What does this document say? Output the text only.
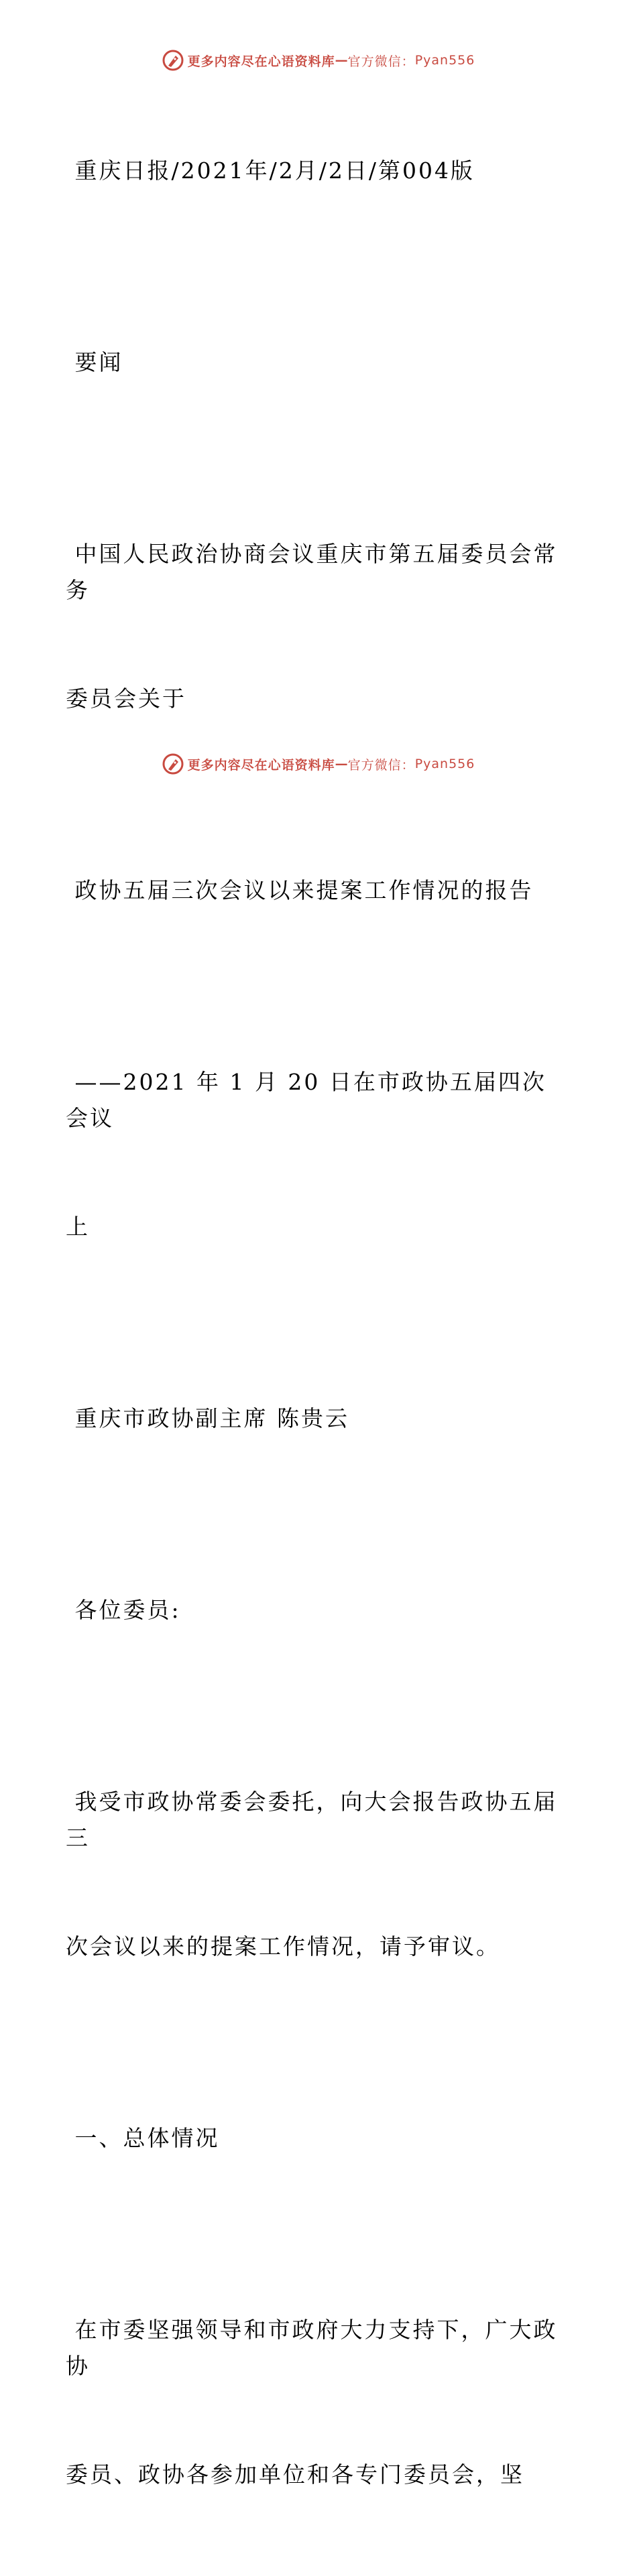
更多内容尽在心语资料库 — 官方微信： Pyan556

重庆日报/2021年/2月/2日/第004版

要闻

中国人民政治协商会议重庆市第五届委员会常务

委员会关于

政协五届三次会议以来提案工作情况的报告

——2021 年 1 月 20 日在市政协五届四次会议

上

重庆市政协副主席 陈贵云

各位委员:

我受市政协常委会委托，向大会报告政协五届三

次会议以来的提案工作情况，请予审议。

一、总体情况

在市委坚强领导和市政府大力支持下，广大政协

委员、政协各参加单位和各专门委员会，坚

更多内容尽在心语资料库 — 官方微信： Pyan556
